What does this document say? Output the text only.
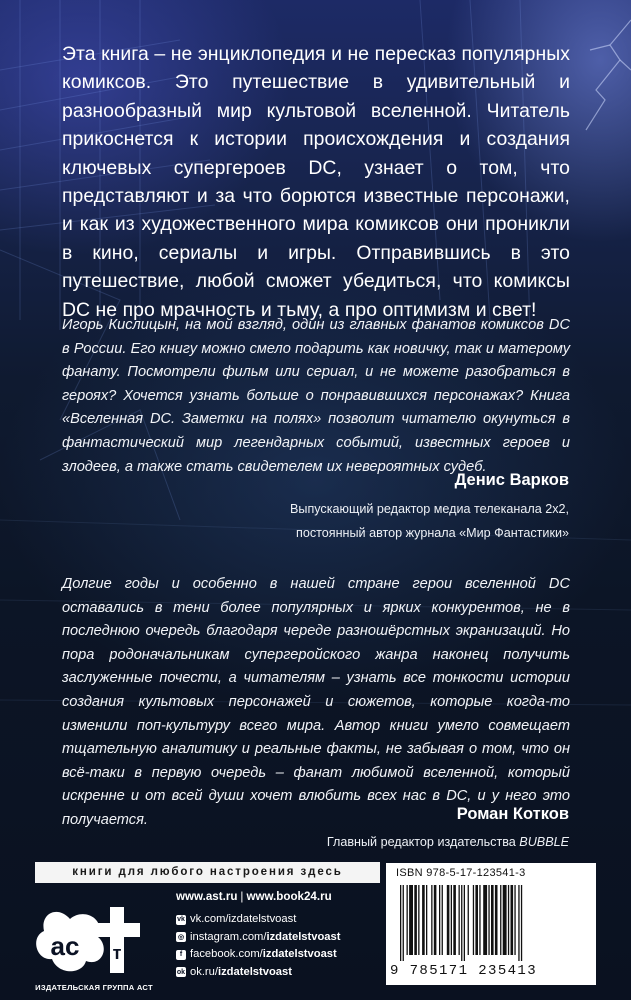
Эта книга – не энциклопедия и не пересказ популярных комиксов. Это путешествие в удивительный и разнообразный мир культовой вселенной. Читатель прикоснется к истории происхождения и создания ключевых супергероев DC, узнает о том, что представляют и за что борются известные персонажи, и как из художественного мира комиксов они проникли в кино, сериалы и игры. Отправившись в это путешествие, любой сможет убедиться, что комиксы DC не про мрачность и тьму, а про оптимизм и свет!

Игорь Кислицын, на мой взгляд, один из главных фанатов комиксов DC в России. Его книгу можно смело подарить как новичку, так и матерому фанату. Посмотрели фильм или сериал, и не можете разобраться в героях? Хочется узнать больше о понравившихся персонажах? Книга «Вселенная DC. Заметки на полях» позволит читателю окунуться в фантастический мир легендарных событий, известных героев и злодеев, а также стать свидетелем их невероятных судеб.

Денис Варков
Выпускающий редактор медиа телеканала 2х2,
постоянный автор журнала «Мир Фантастики»

Долгие годы и особенно в нашей стране герои вселенной DC оставались в тени более популярных и ярких конкурентов, не в последнюю очередь благодаря череде разношёрстных экранизаций. Но пора родоначальникам супергеройского жанра наконец получить заслуженные почести, а читателям – узнать все тонкости истории создания культовых персонажей и сюжетов, которые когда-то изменили поп-культуру всего мира. Автор книги умело совмещает тщательную аналитику и реальные факты, не забывая о том, что он всё-таки в первую очередь – фанат любимой вселенной, который искренне и от всей души хочет влюбить всех нас в DC, и у него это получается.	Роман Котков
Главный редактор издательства BUBBLE
книги для любого настроения здесь
ас т
ИЗДАТЕЛЬСКАЯ ГРУППА АСТ
www.ast.ru | www.book24.ru
vk vk.com/ izdatelstvoast
◎ instagram.com/ izdatelstvoast
f facebook.com/ izdatelstvoast
ok ok.ru/ izdatelstvoast
ISBN 978-5-17-123541-3
9 785171 235413
